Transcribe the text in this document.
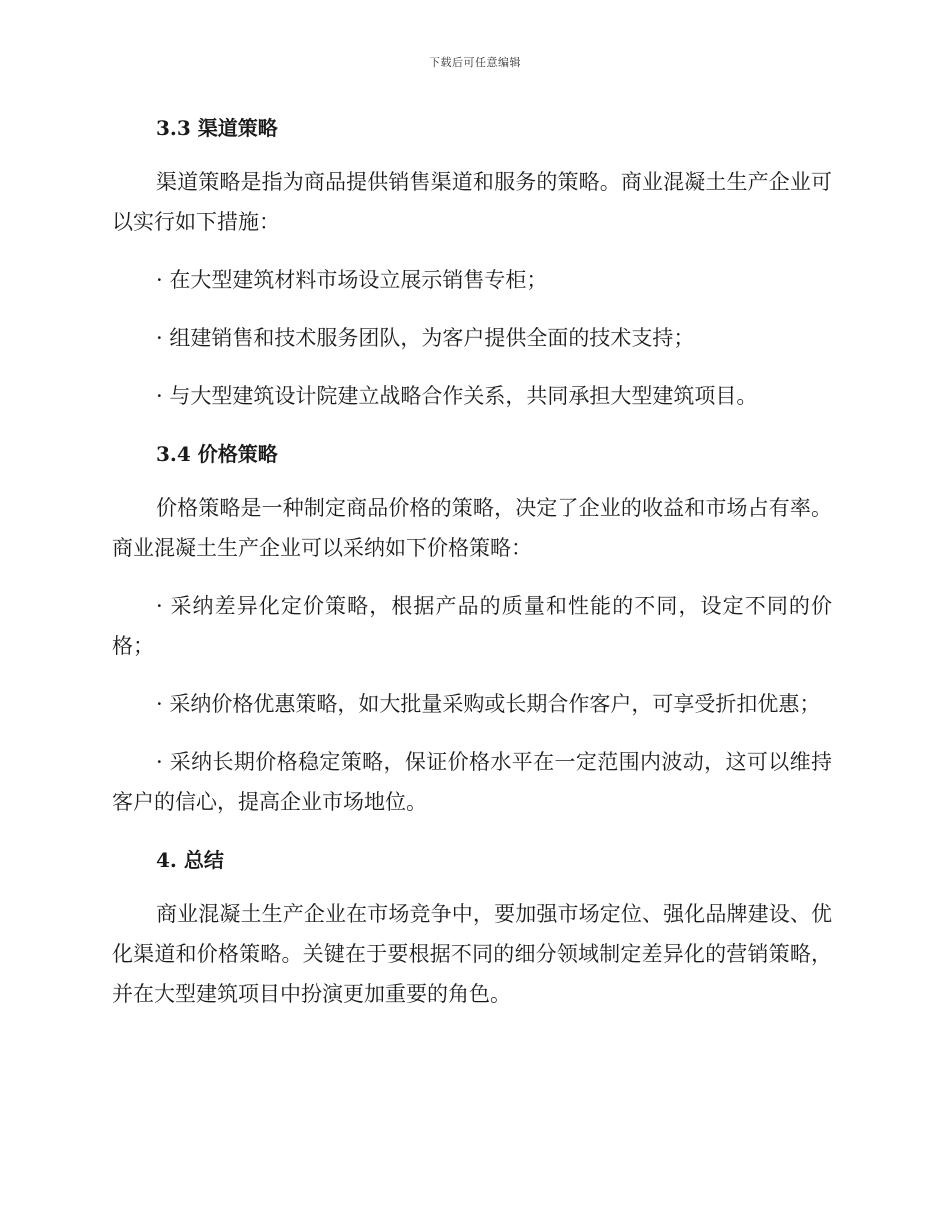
下载后可任意编辑
3.3 渠道策略

渠道策略是指为商品提供销售渠道和服务的策略。商业混凝土生产企业可以实行如下措施：

· 在大型建筑材料市场设立展示销售专柜；

· 组建销售和技术服务团队，为客户提供全面的技术支持；

· 与大型建筑设计院建立战略合作关系，共同承担大型建筑项目。

3.4 价格策略

价格策略是一种制定商品价格的策略，决定了企业的收益和市场占有率。商业混凝土生产企业可以采纳如下价格策略：

· 采纳差异化定价策略，根据产品的质量和性能的不同，设定不同的价格；

· 采纳价格优惠策略，如大批量采购或长期合作客户，可享受折扣优惠；

· 采纳长期价格稳定策略，保证价格水平在一定范围内波动，这可以维持客户的信心，提高企业市场地位。

4. 总结

商业混凝土生产企业在市场竞争中，要加强市场定位、强化品牌建设、优化渠道和价格策略。关键在于要根据不同的细分领域制定差异化的营销策略，并在大型建筑项目中扮演更加重要的角色。
